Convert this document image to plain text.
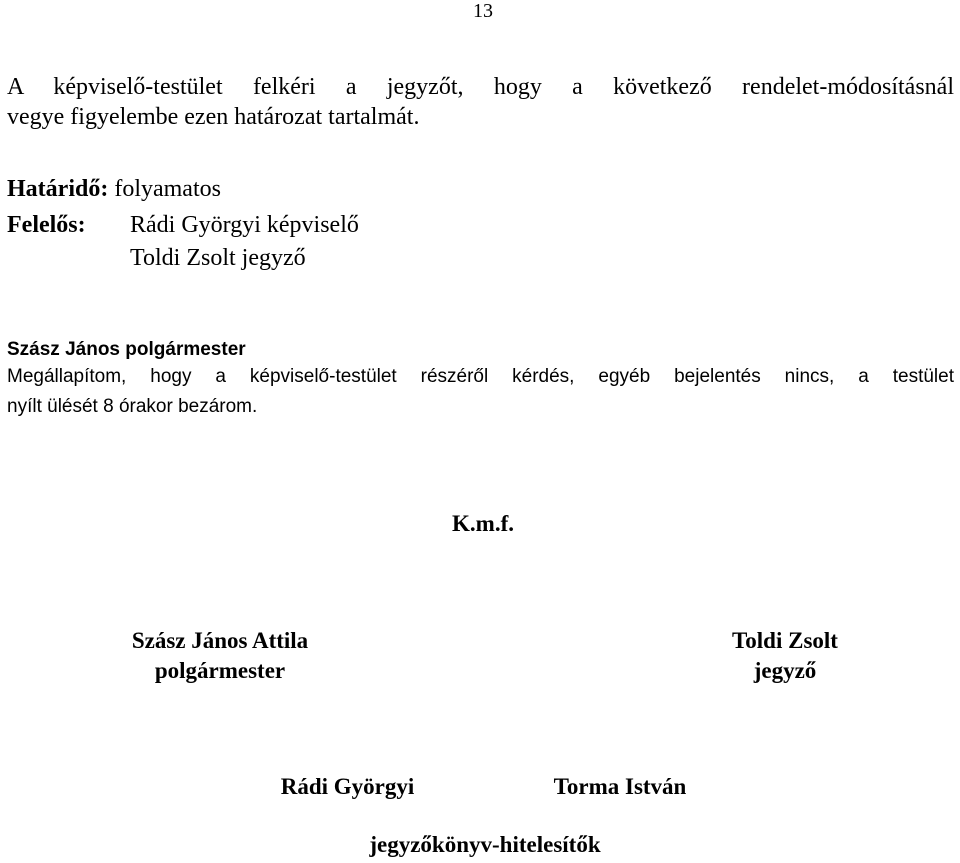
13
A képviselő-testület felkéri a jegyzőt, hogy a következő rendelet-módosításnál
vegye figyelembe ezen határozat tartalmát.
Határidő: folyamatos
Felelős: Rádi Györgyi képviselő
Toldi Zsolt jegyző
Szász János polgármester
Megállapítom, hogy a képviselő-testület részéről kérdés, egyéb bejelentés nincs, a testület
nyílt ülését 8 órakor bezárom.
K.m.f.
Szász János Attila
polgármester
Toldi Zsolt
jegyző
Rádi Györgyi	Torma István
jegyzőkönyv-hitelesítők
